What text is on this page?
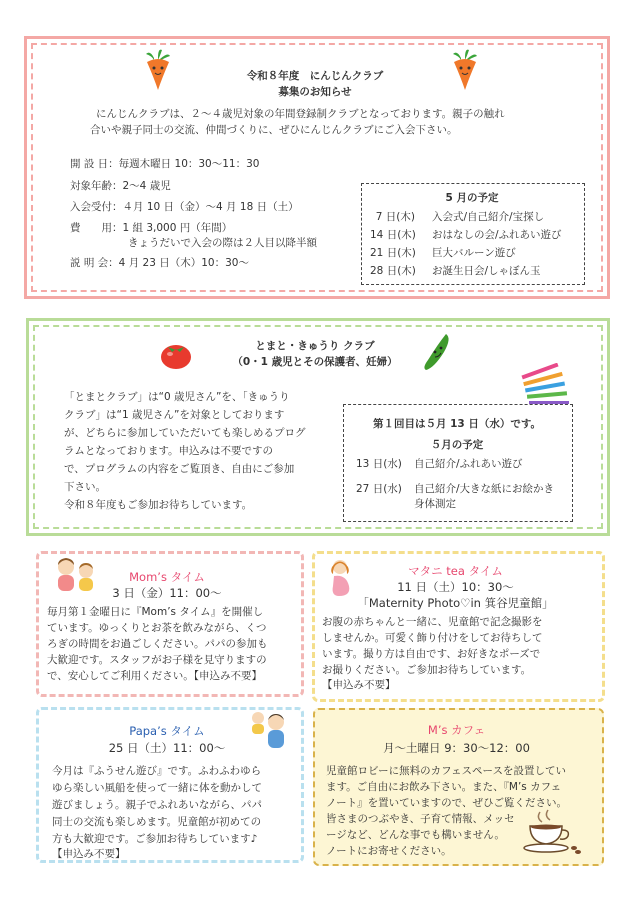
令和８年度　にんじんクラブ
募集のお知らせ
にんじんクラブは、２～４歳児対象の年間登録制クラブとなっております。親子の触れ
合いや親子同士の交流、仲間づくりに、ぜひにんじんクラブにご入会下さい。
開 設 日：毎週木曜日 10：30～11：30
対象年齢：2～4 歳児
入会受付：４月 10 日（金）～4 月 18 日（土）
費　　用：1 組 3,000 円（年間）
きょうだいで入会の際は２人目以降半額
説 明 会：4 月 23 日（木）10：30～
5 月の予定
7 日(木) 入会式/自己紹介/宝探し
14 日(木) おはなしの会/ふれあい遊び
21 日(木) 巨大バルーン遊び
28 日(木) お誕生日会/しゃぼん玉
とまと・きゅうり クラブ
（0・1 歳児とその保護者、妊婦）
「とまとクラブ」は“0 歳児さん”を、「きゅうり
クラブ」は“1 歳児さん”を対象としております
が、どちらに参加していただいても楽しめるプログ
ラムとなっております。申込みは不要ですの
で、プログラムの内容をご覧頂き、自由にご参加
下さい。
令和８年度もご参加お待ちしています。
第１回目は５月 13 日（水）です。
５月の予定
13 日(水) 自己紹介/ふれあい遊び
27 日(水) 自己紹介/大きな紙にお絵かき
身体測定
Mom’s タイム
3 日（金）11：00～
毎月第１金曜日に『Mom’s タイム』を開催し
ています。ゆっくりとお茶を飲みながら、くつ
ろぎの時間をお過ごしください。パパの参加も
大歓迎です。スタッフがお子様を見守りますの
で、安心してご利用ください。【申込み不要】
マタニ tea タイム
11 日（土）10：30～
「Maternity Photo♡in 箕谷児童館」
お腹の赤ちゃんと一緒に、児童館で記念撮影を
しませんか。可愛く飾り付けをしてお待ちして
います。撮り方は自由です、お好きなポーズで
お撮りください。ご参加お待ちしています。
【申込み不要】
Papa’s タイム
25 日（土）11：00～
今月は『ふうせん遊び』です。ふわふわゆら
ゆら楽しい風船を使って一緒に体を動かして
遊びましょう。親子でふれあいながら、パパ
同士の交流も楽しめます。児童館が初めての
方も大歓迎です。ご参加お待ちしています♪
【申込み不要】
M’s カフェ
月～土曜日 9：30～12：00
児童館ロビーに無料のカフェスペースを設置してい
ます。ご自由にお飲み下さい。また、『M’s カフェ
ノート』を置いていますので、ぜひご覧ください。
皆さまのつぶやき、子育て情報、メッセ
ージなど、どんな事でも構いません。
ノートにお寄せください。
